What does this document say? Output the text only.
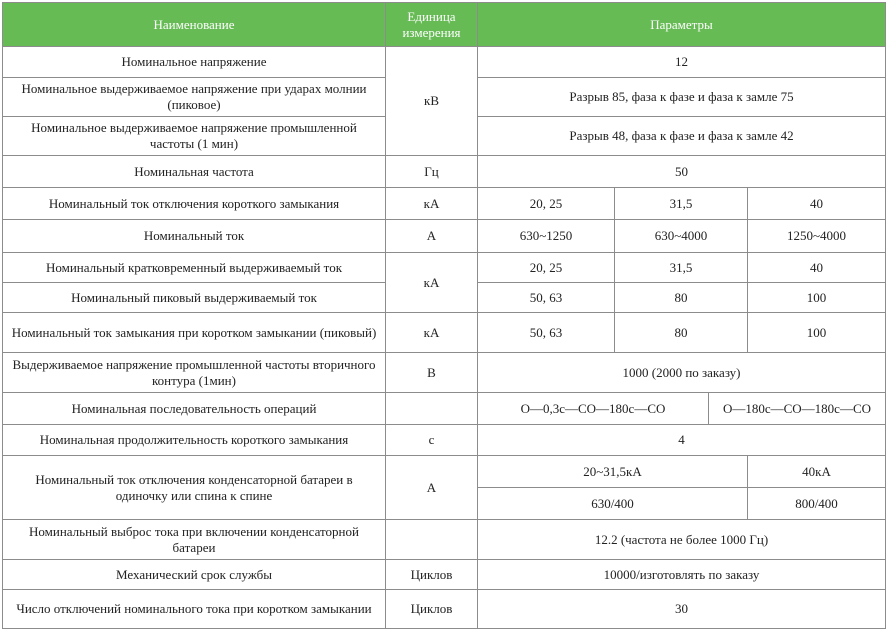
Наименование	Единица измерения	Параметры			
Номинальное напряжение	кВ	12			
Номинальное выдерживаемое напряжение при ударах молнии (пиковое)		Разрыв 85, фаза к фазе и фаза к замле 75			
Номинальное выдерживаемое напряжение промышленной частоты (1 мин)		Разрыв 48, фаза к фазе и фаза к замле 42			
Номинальная частота	Гц	50			
Номинальный ток отключения короткого замыкания	кА	20, 25	31,5		40
Номинальный ток	А	630~1250	630~4000		1250~4000
Номинальный кратковременный выдерживаемый ток	кА	20, 25	31,5		40
Номинальный пиковый выдерживаемый ток		50, 63	80		100
Номинальный ток замыкания при коротком замыкании (пиковый)	кА	50, 63	80		100
Выдерживаемое напряжение промышленной частоты вторичного контура (1мин)	В	1000 (2000 по заказу)			
Номинальная последовательность операций		О—0,3с—СО—180с—СО		О—180с—СО—180с—СО	
Номинальная продолжительность короткого замыкания	с	4			
Номинальный ток отключения конденсаторной батареи в одиночку или спина к спине	А	20~31,5кА			40кА
		630/400			800/400
Номинальный выброс тока при включении конденсаторной батареи		12.2 (частота не более 1000 Гц)			
Механический срок службы	Циклов	10000/изготовлять по заказу			
Число отключений номинального тока при коротком замыкании	Циклов	30			
